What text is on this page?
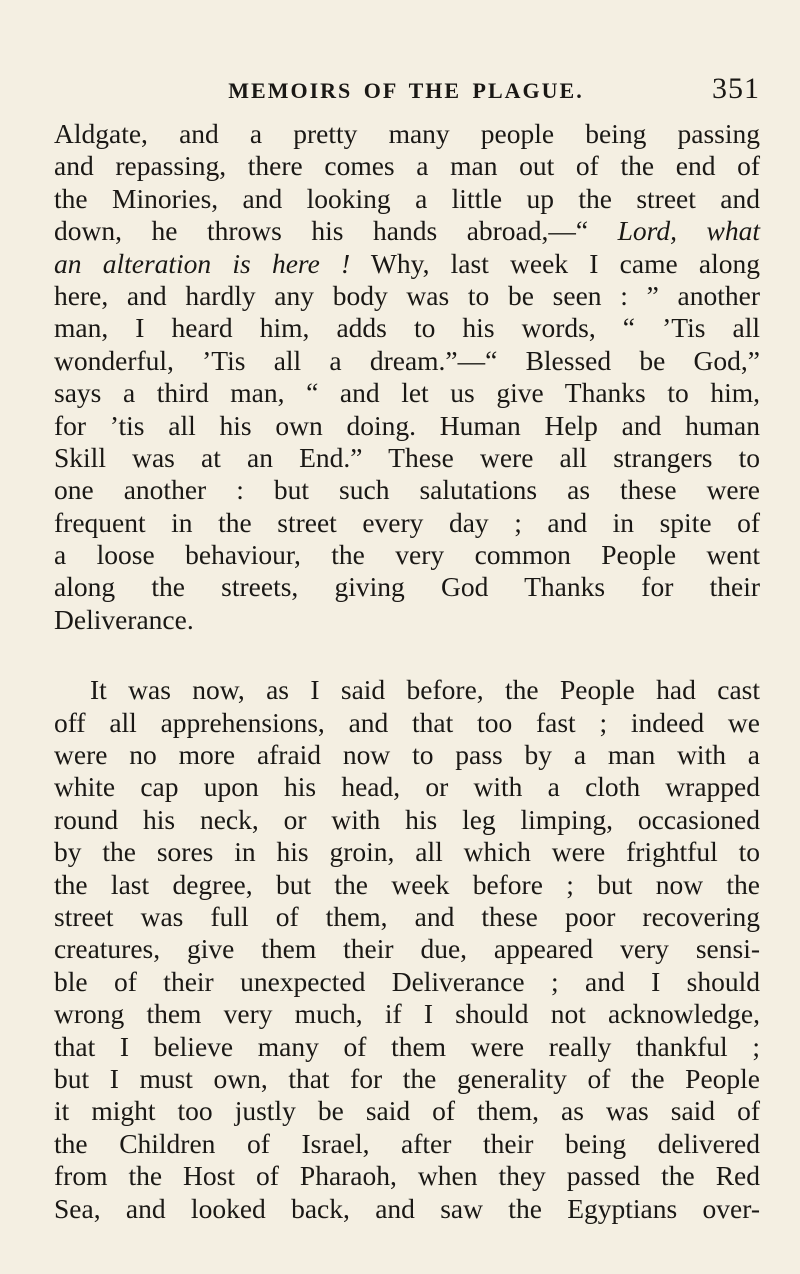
MEMOIRS OF THE PLAGUE.	351
Aldgate, and a pretty many people being passing
and repassing, there comes a man out of the end of
the Minories, and looking a little up the street and
down, he throws his hands abroad,—“ Lord, what
an alteration is here ! Why, last week I came along
here, and hardly any body was to be seen : ” another
man, I heard him, adds to his words, “ ’Tis all
wonderful, ’Tis all a dream.”—“ Blessed be God,”
says a third man, “ and let us give Thanks to him,
for ’tis all his own doing. Human Help and human
Skill was at an End.” These were all strangers to
one another : but such salutations as these were
frequent in the street every day ; and in spite of
a loose behaviour, the very common People went
along the streets, giving God Thanks for their
Deliverance.
It was now, as I said before, the People had cast
off all apprehensions, and that too fast ; indeed we
were no more afraid now to pass by a man with a
white cap upon his head, or with a cloth wrapped
round his neck, or with his leg limping, occasioned
by the sores in his groin, all which were frightful to
the last degree, but the week before ; but now the
street was full of them, and these poor recovering
creatures, give them their due, appeared very sensi-
ble of their unexpected Deliverance ; and I should
wrong them very much, if I should not acknowledge,
that I believe many of them were really thankful ;
but I must own, that for the generality of the People
it might too justly be said of them, as was said of
the Children of Israel, after their being delivered
from the Host of Pharaoh, when they passed the Red
Sea, and looked back, and saw the Egyptians over-
